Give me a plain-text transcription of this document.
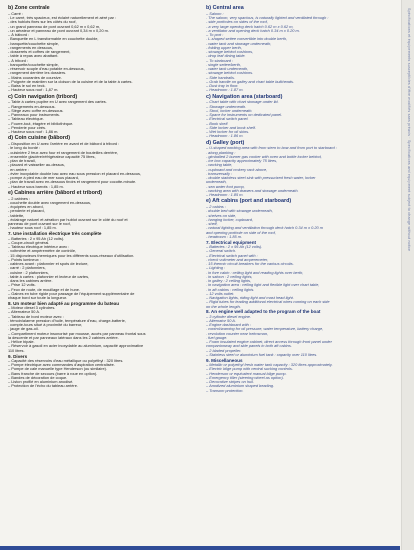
b) Zone centrale
– Carré :
. Le carré, très spacieux, est éclairé naturellement et aéré par :
- des hublots fixes sur les côtés du roof,
- un grand panneau de pont ouvrant 0,62 m x 0,62 m,
- un aérateur et panneau de pont ouvrant 0,34 m x 0,20 m.
– À bâbord :
. Banquette en L transformable en couchette double,
- banquette/couchette simple,
- rangements en dessous,
- dosserets et coffres de rangement,
- table à repas avec abattant.
– À tribord :
. banquette/couchette simple,
- réservoir souple d'eau potable en-dessous,
- rangement derrière les dossiers.
– Mains courantes de coursive.
– Poignée de maintien sur la cloison de la cuisine et de la table à cartes.
– Baiss le sol en teck.
– Hauteur sous roof : 1,87 m.
c) Coin navigation (tribord)
– Table à cartes pupitre en U avec rangement des cartes.
– Rangements en-dessous.
– Siège avec coffre en-dessous.
– Panneaux pour instruments.
– Tableau électrique.
– Fourre-tout, étagère et bibliothèque.
– Penderie pour cirés.
– Hauteur sous roof : 1,86 m.
d) Coin cuisine (bâbord)
– Disposition en U avec l'arrière en avant et de bâbord à tribord :
. le long du bordé :
- cuisinière 2 feux avec four et rangement de bouteilles derrière,
- ensemble glacière/réfrigérateur capacité 75 litres,
- plan de travail,
- placard et vaisselier au-dessus,
. en arrière :
- évier inoxydable double bac avec eau sous pression et placard en-dessous,
- pompe à pied eau de mer sous placard,
- plan de travail avec en-dessous tiroirs et rangement pour cocotte-minute.
– Hauteur sous barrots : 1,85 m.
e) Cabines arrière (bâbord et tribord)
– 2 cabines :
. couchette double avec rangement en-dessous,
- équipées en abord,
- penderie et placard,
- tablette,
- éclairage naturel et aération par hublot ouvrant sur le côté du roof et
panneau de pont ouvrant sur le roof,
- hauteur sous roof : 1,85 m.
7. Une installation électrique très complète
– Batteries : 2 x 95 Ah (12 volts).
– Coupe-circuit général.
– Tableau électrique intérieur avec :
. voltmètre et ampèremètre de contrôle,
. 15 disjoncteurs thermiques pour les différents sous-réseaux d'utilisation.
– Points lumineux :
. cabines avant : plafonnier et spots de lecture,
. carré : 2 plafonniers,
. cuisine : 2 plafonniers,
. table à cartes : plafonnier et lecteur de cartes,
. dans les cabines arrière.
– Prise 12 volts.
– Feux de route, de mouillage et de hune.
– Gaines en tube rigide pour passage de l'équipement supplémentaire de
chaque bord sur toute la longueur.
8. Un moteur bien adapté au programme du bateau
– Moteur diesel 3 cylindres.
– Alternateur 50 A.
– Tableau de bord moteur avec :
. témoin/alarme pression d'huile, température d'eau, charge-batterie,
. compte-tours situé à proximité du barreur,
. jauge de gas-oil.
– Compartiment moteur insonorisé par mousse, accès par panneau frontal sous
la descente et par panneaux latéraux dans les 2 cabines arrière.
– Hélice bipale.
– Réservoir à gasoil en acier inoxydable au aluminium, capacité approximative
110 litres.
9. Divers
– Capacité des réservoirs d'eau métallique ou polyéthyl : 320 litres.
– Pompe électrique avec commandes d'aspiration centralisée.
– Pompe de cale manuelle type Henderson (ou similaire).
– Bans franche de secours (barre à roue en option).
– Bandes de décoration de coque.
– Liston profilé en aluminium anodisé.
– Protection de l'écho du tableau arrière.
b) Central area
– Saloon :
. The saloon, very spacious, is naturally lighted and ventilated through :
- side portholes on sides of the roof,
- a very large opening deck hatch 0.62 m x 0.62 m,
- a ventilator and opening deck hatch 0.34 m x 0.20 m.
– To port :
. L-shaped settee convertible into double berth,
- water tank and stowage underneath,
- folding upper berth,
- stowage behind cushions,
- drop leaf dining table.
– To starboard :
. single settee/berth,
- water tank underneath,
- stowage behind cushions.
– Side handrails.
– Grab handle on galley and chart table bulkheads.
– Dust tray in floor.
– Headroom : 1.87 m.
c) Navigation area (starboard)
– Chart table with chart stowage under lid.
– Stowage underneath.
– Stool, locker underneath.
– Space for instruments on dedicated panel.
– Electrical switch panel.
– Book shelf.
– Side locker and book shelf.
– Wet locker for oil skins.
– Headroom : 1.86 m.
d) Galley (port)
– U-shaped working area with from stern to bow and from port to starboard :
. along planking :
- gimballed 2 burner gas cooker with oven and bottle locker behind,
- ice box capacity approximately 75 litres,
- working table,
- cupboard and crokery rack above,
. transversally :
- double stainless steel sink with pressurized fresh water, locker
underneath,
- sea water foot pump,
- working area with drawers and stowage underneath.
– Headroom : 1.85 m.
e) Aft cabins (port and starboard)
– 2 cabins :
. double bed with stowage underneath,
- shelves on side,
- hanging locker, cupboard,
- shelf,
- natural lighting and ventilation through deck hatch 0.34 m x 0.20 m
and opening porthole on side of the roof,
- headroom : 1.85 m.
7. Electrical equipment
– Batteries : 2 x 95 Ah (12 volts).
– General switch.
– Electrical switch panel with :
. check voltmeter and amperemeter,
. 15 thermic circuit breakers for the various circuits.
– Lighting :
. in fore cabin : ceiling light and reading lights over berth,
. in saloon : 2 ceiling lights,
. in galley : 2 ceiling lights,
. in navigation area : ceiling light and flexible light over chart table,
. in aft cabins : ceiling lights.
– 12 volts outlet.
– Navigation lights, riding light and mast head light.
– Rigid tubes for leading additional electrical wires running on each side
on the whole length.
8. An engine well adapted to the program of the boat
– 3 cylinder diesel engine.
– Alternator 50 A.
– Engine dashboard with :
. control/warning for oil pressure, water temperature, battery charge,
. revolution counter near helmsman,
. fuel gauge.
– Foam insulated engine cabinet, direct access through front panel under
companionway and side panels in both aft cabins.
– 2 bladed propeller.
– Stainless steel or aluminium fuel tank : capacity over 110 litres.
9. Miscellaneous
– Metallic or polyethyl fresh water tank capacity : 320 litres approximately.
– Electric bilge pump with central sucking controls.
– Henderson or equivalent manual bilge pump.
– Emergency tiller (steering wheel as option).
– Decorative stripes on hull.
– Anodized aluminium shaped beading.
– Transom protection.
Spécifications et équipements susceptibles d'être modifiés sans préavis · Specifications and equipment subject to change without notice
